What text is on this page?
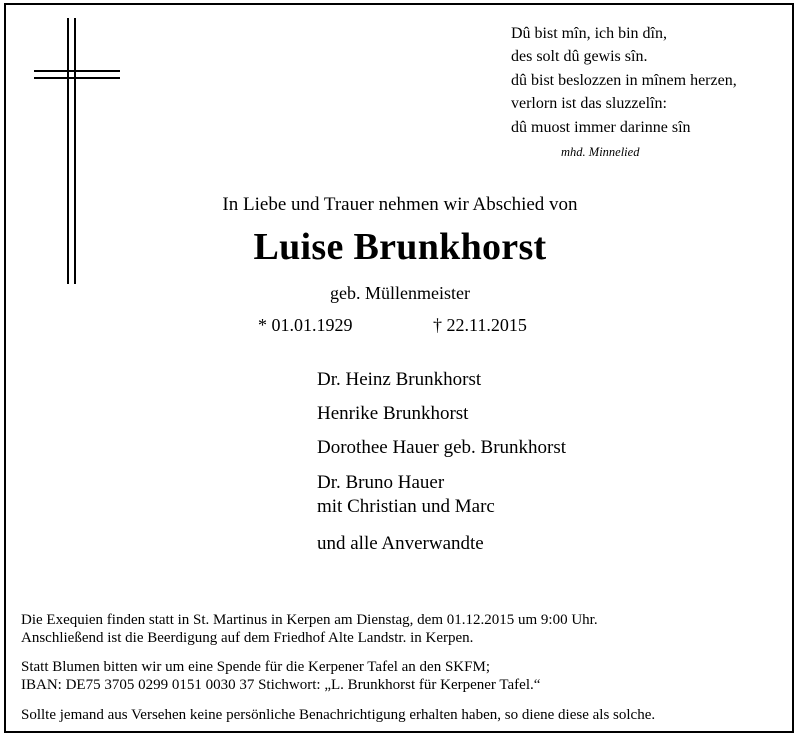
Dû bist mîn, ich bin dîn,
des solt dû gewis sîn.
dû bist beslozzen in mînem herzen,
verlorn ist das sluzzelîn:
dû muost immer darinne sîn
mhd. Minnelied
In Liebe und Trauer nehmen wir Abschied von
Luise Brunkhorst
geb. Müllenmeister
* 01.01.1929	† 22.11.2015
Dr. Heinz Brunkhorst
Henrike Brunkhorst
Dorothee Hauer geb. Brunkhorst
Dr. Bruno Hauer
mit Christian und Marc
und alle Anverwandte
Die Exequien finden statt in St. Martinus in Kerpen am Dienstag, dem 01.12.2015 um 9:00 Uhr.
Anschließend ist die Beerdigung auf dem Friedhof Alte Landstr. in Kerpen.
Statt Blumen bitten wir um eine Spende für die Kerpener Tafel an den SKFM;
IBAN: DE75 3705 0299 0151 0030 37 Stichwort: „L. Brunkhorst für Kerpener Tafel.“
Sollte jemand aus Versehen keine persönliche Benachrichtigung erhalten haben, so diene diese als solche.
